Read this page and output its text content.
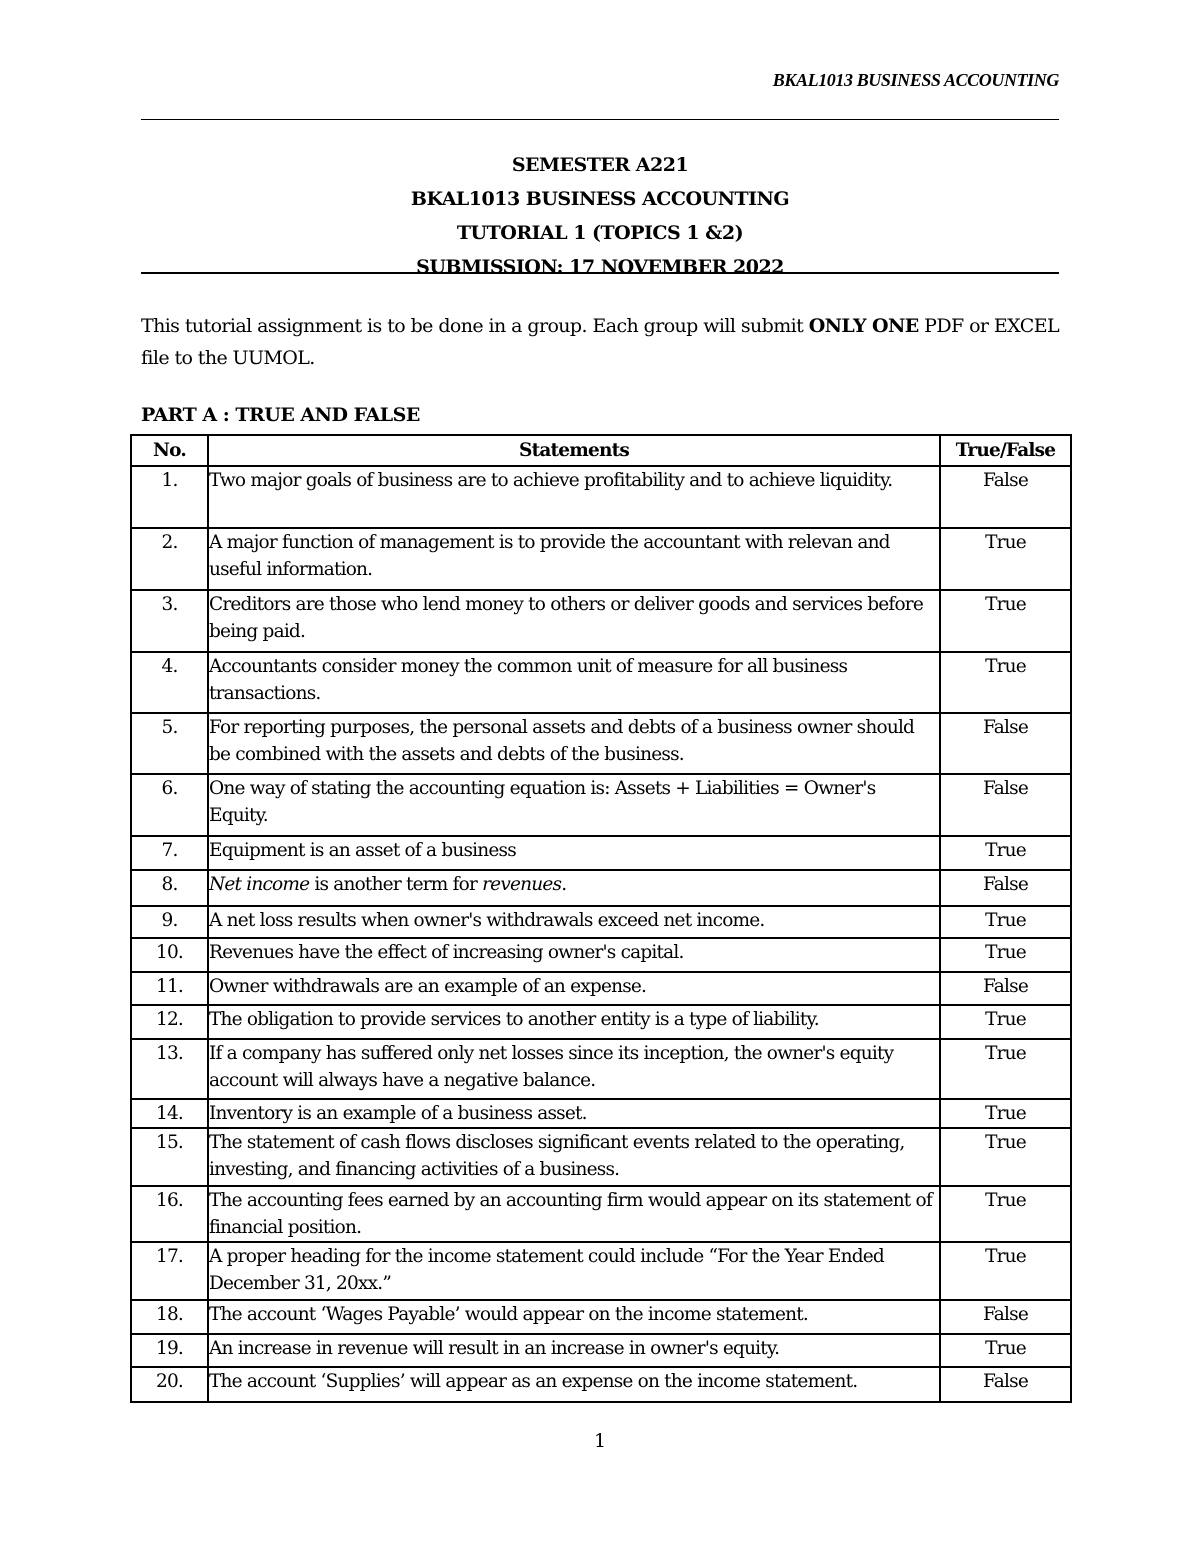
BKAL1013 BUSINESS ACCOUNTING
SEMESTER A221
BKAL1013 BUSINESS ACCOUNTING
TUTORIAL 1 (TOPICS 1 &2)
SUBMISSION: 17 NOVEMBER 2022
This tutorial assignment is to be done in a group. Each group will submit ONLY ONE PDF or EXCEL file to the UUMOL.
PART A : TRUE AND FALSE
No.	Statements	True/False
1.	Two major goals of business are to achieve profitability and to achieve liquidity.	False
2.	A major function of management is to provide the accountant with relevan and useful information.	True
3.	Creditors are those who lend money to others or deliver goods and services before being paid.	True
4.	Accountants consider money the common unit of measure for all business transactions.	True
5.	For reporting purposes, the personal assets and debts of a business owner should be combined with the assets and debts of the business.	False
6.	One way of stating the accounting equation is: Assets + Liabilities = Owner's Equity.	False
7.	Equipment is an asset of a business	True
8.	Net income is another term for revenues.	False
9.	A net loss results when owner's withdrawals exceed net income.	True
10.	Revenues have the effect of increasing owner's capital.	True
11.	Owner withdrawals are an example of an expense.	False
12.	The obligation to provide services to another entity is a type of liability.	True
13.	If a company has suffered only net losses since its inception, the owner's equity account will always have a negative balance.	True
14.	Inventory is an example of a business asset.	True
15.	The statement of cash flows discloses significant events related to the operating, investing, and financing activities of a business.	True
16.	The accounting fees earned by an accounting firm would appear on its statement of financial position.	True
17.	A proper heading for the income statement could include “For the Year Ended December 31, 20xx.”	True
18.	The account ‘Wages Payable’ would appear on the income statement.	False
19.	An increase in revenue will result in an increase in owner's equity.	True
20.	The account ‘Supplies’ will appear as an expense on the income statement.	False
1
